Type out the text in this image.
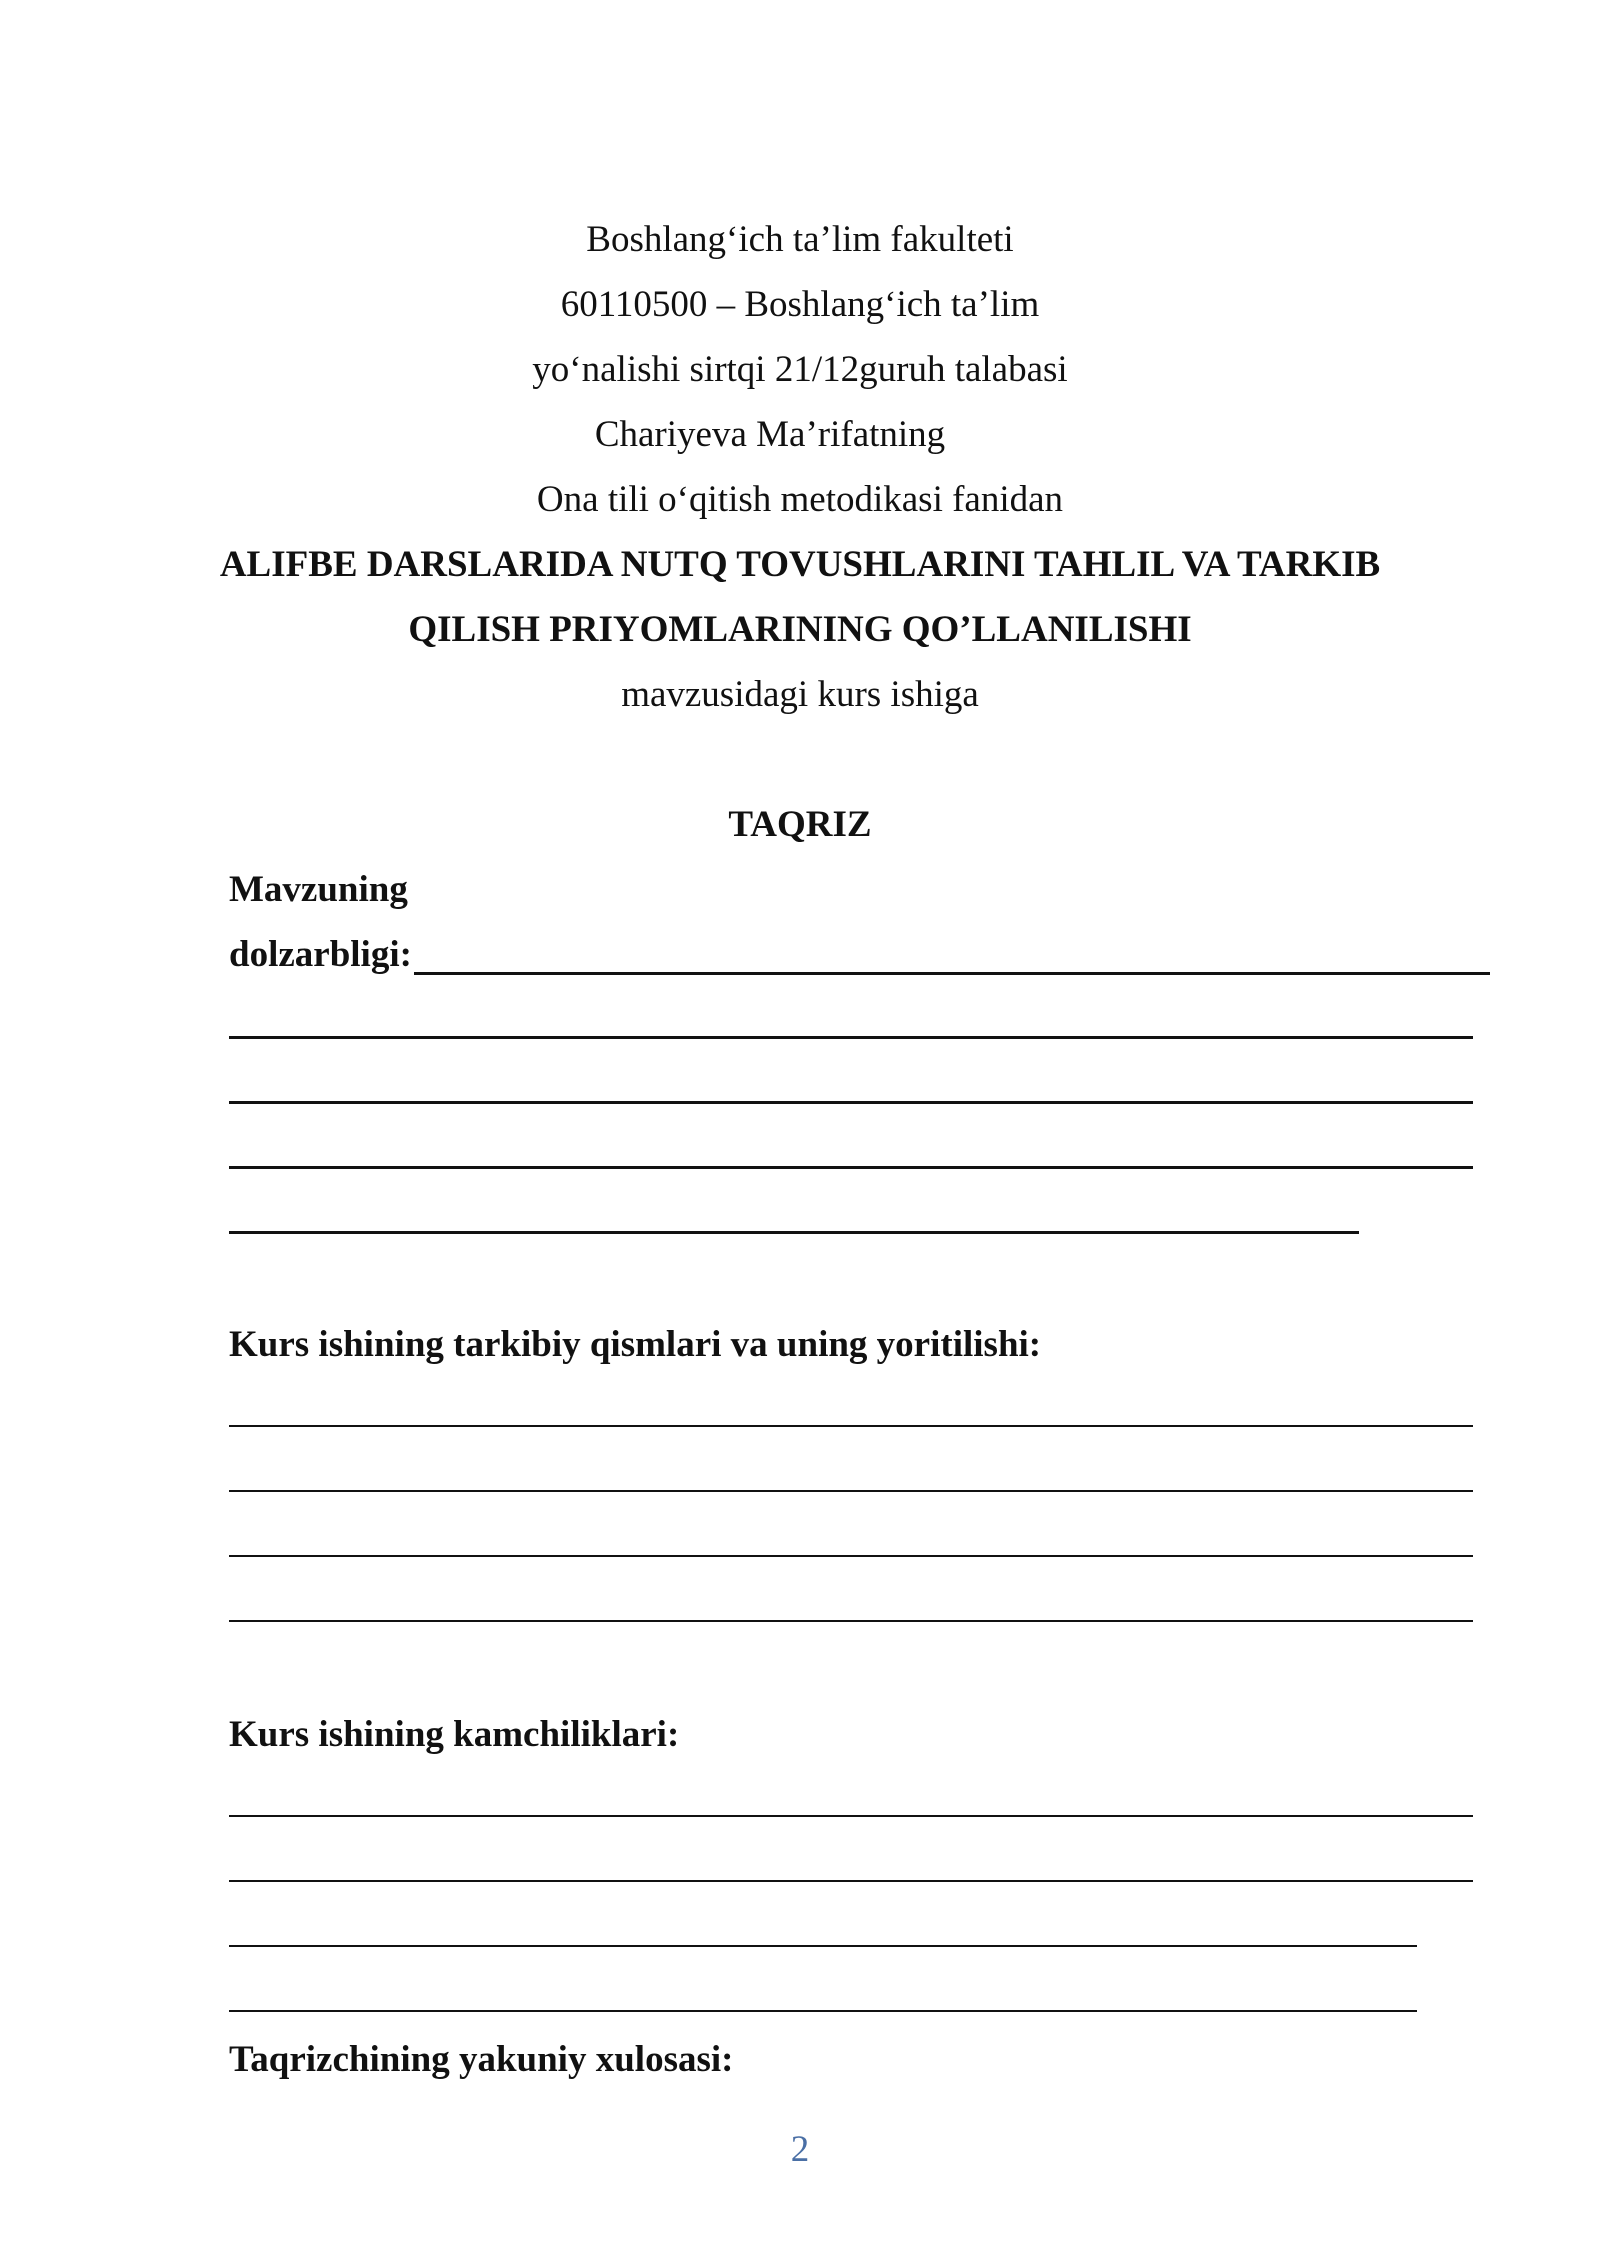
Boshlang‘ich ta’lim fakulteti
60110500 – Boshlang‘ich ta’lim
yo‘nalishi sirtqi 21/12guruh talabasi
Chariyeva Ma’rifatning
Ona tili o‘qitish metodikasi fanidan
ALIFBE DARSLARIDA NUTQ TOVUSHLARINI TAHLIL VA TARKIB
QILISH PRIYOMLARINING QO’LLANILISHI
mavzusidagi kurs ishiga
TAQRIZ
Mavzuning
dolzarbligi:
Kurs ishining tarkibiy qismlari va uning yoritilishi:
Kurs ishining kamchiliklari:
Taqrizchining yakuniy xulosasi:
2
